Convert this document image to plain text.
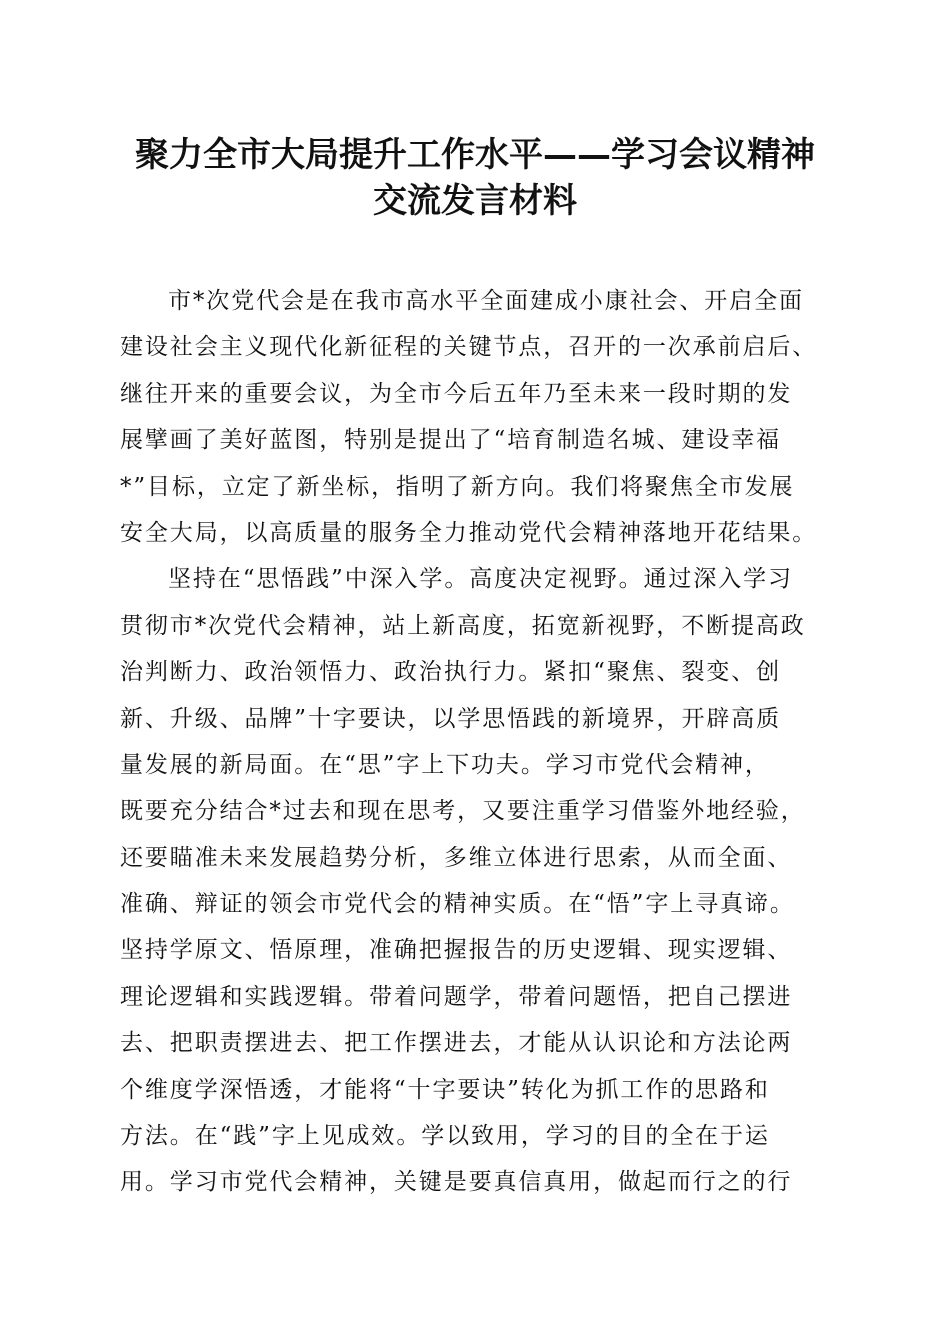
聚力全市大局提升工作水平——学习会议精神
交流发言材料
市*次党代会是在我市高水平全面建成小康社会、开启全面
建设社会主义现代化新征程的关键节点，召开的一次承前启后、
继往开来的重要会议，为全市今后五年乃至未来一段时期的发
展擘画了美好蓝图，特别是提出了“培育制造名城、建设幸福
*”目标，立定了新坐标，指明了新方向。我们将聚焦全市发展
安全大局，以高质量的服务全力推动党代会精神落地开花结果。
坚持在“思悟践”中深入学。高度决定视野。通过深入学习
贯彻市*次党代会精神，站上新高度，拓宽新视野，不断提高政
治判断力、政治领悟力、政治执行力。紧扣“聚焦、裂变、创
新、升级、品牌”十字要诀，以学思悟践的新境界，开辟高质
量发展的新局面。在“思”字上下功夫。学习市党代会精神，
既要充分结合*过去和现在思考，又要注重学习借鉴外地经验，
还要瞄准未来发展趋势分析，多维立体进行思索，从而全面、
准确、辩证的领会市党代会的精神实质。在“悟”字上寻真谛。
坚持学原文、悟原理，准确把握报告的历史逻辑、现实逻辑、
理论逻辑和实践逻辑。带着问题学，带着问题悟，把自己摆进
去、把职责摆进去、把工作摆进去，才能从认识论和方法论两
个维度学深悟透，才能将“十字要诀”转化为抓工作的思路和
方法。在“践”字上见成效。学以致用，学习的目的全在于运
用。学习市党代会精神，关键是要真信真用，做起而行之的行
